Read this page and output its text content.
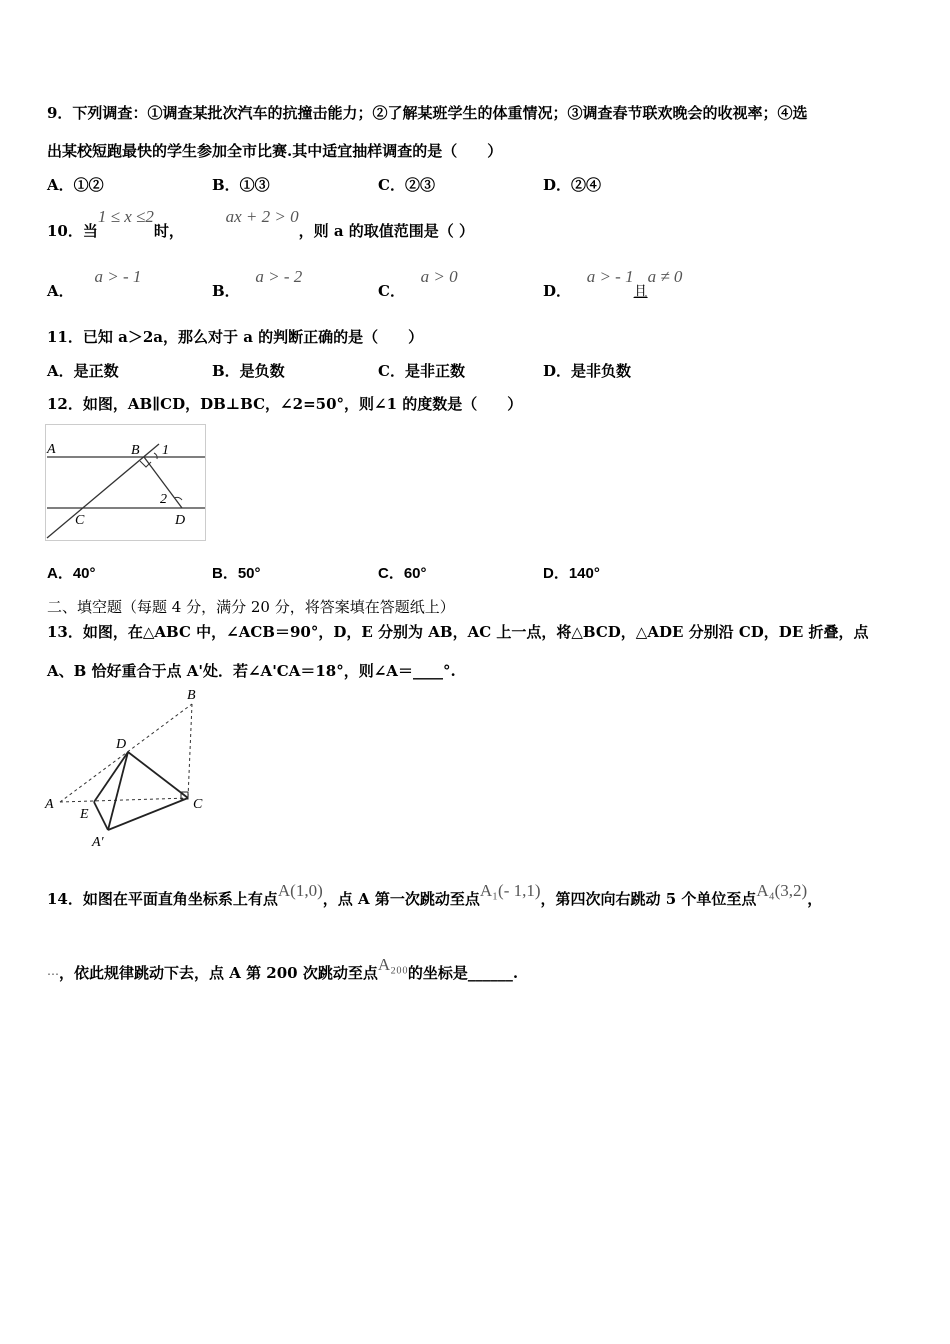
9．下列调查：①调查某批次汽车的抗撞击能力；②了解某班学生的体重情况；③调查春节联欢晚会的收视率；④选
出某校短跑最快的学生参加全市比赛.其中适宜抽样调查的是（　　）
A．①②	B．①③	C．②③	D．②④
10．当1 ≤ x ≤2时，        ax + 2 > 0，则 a 的取值范围是（ ）
A．    a > - 1
B．   a > - 2
C．   a > 0
D．   a > - 1且a ≠ 0
11．已知 a＞2a，那么对于 a 的判断正确的是（　　）
A．是正数	B．是负数	C．是非正数	D．是非负数
12．如图，AB∥CD，DB⊥BC，∠2=50°，则∠1 的度数是（　　）
A	B 1
2
C	D
A．40°	B．50°	C．60°	D．140°
二、填空题（每题 4 分，满分 20 分，将答案填在答题纸上）
13．如图，在△ABC 中，∠ACB＝90°，D，E 分别为 AB，AC 上一点，将△BCD，△ADE 分别沿 CD，DE 折叠，点
A、B 恰好重合于点 A'处．若∠A'CA＝18°，则∠A＝____°.
B
D
A
E
C
A′
14．如图在平面直角坐标系上有点A(1,0)，点 A 第一次跳动至点A₁(- 1,1)，第四次向右跳动 5 个单位至点A₄(3,2)，
⋯，依此规律跳动下去，点 A 第 200 次跳动至点A₂₀₀的坐标是______.
